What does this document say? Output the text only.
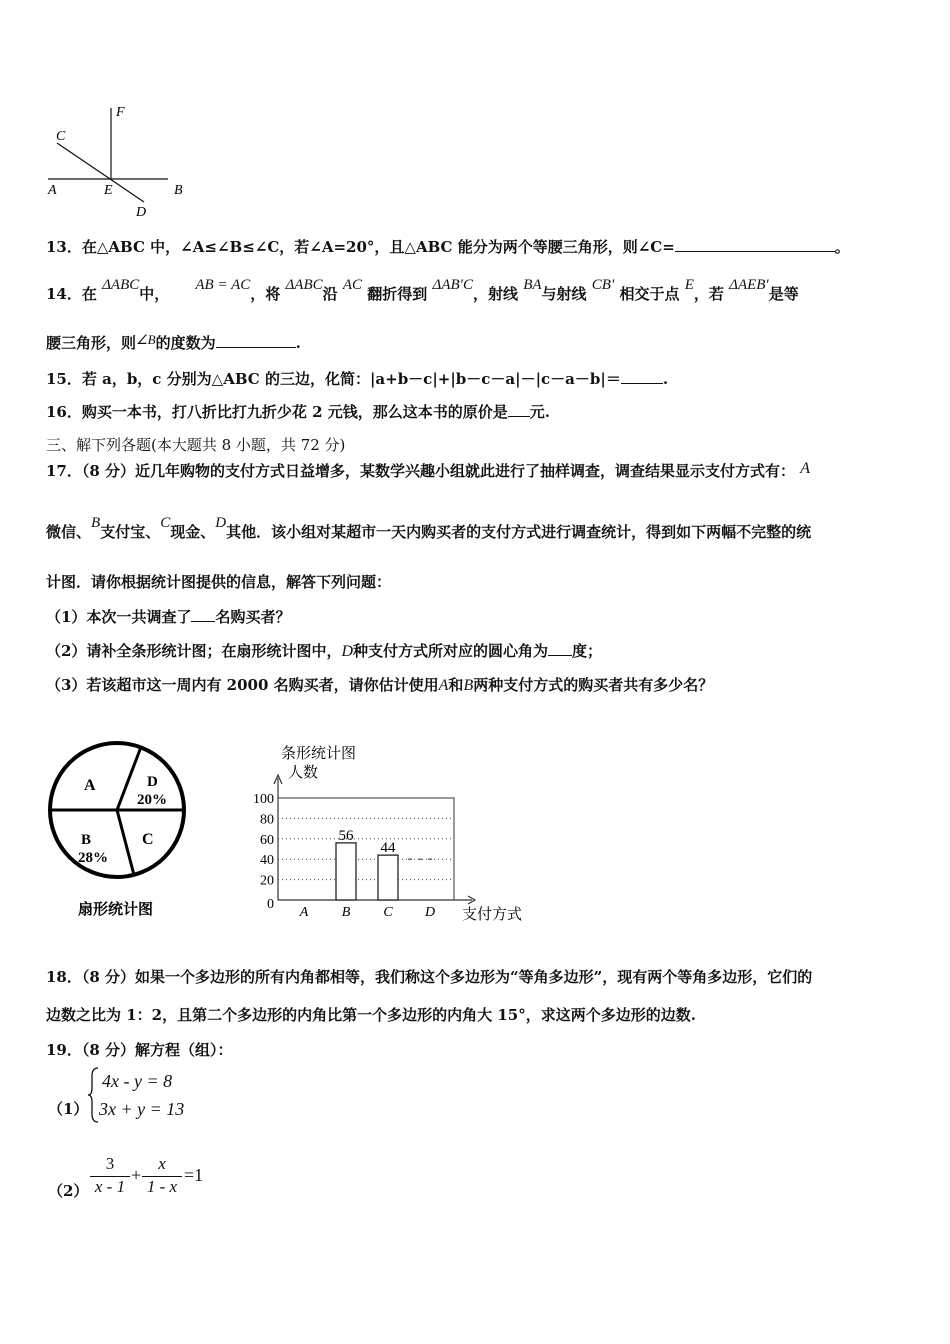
F
C
A	E	B
D
13．在△ABC 中，∠A≤∠B≤∠C，若∠A=20°，且△ABC 能分为两个等腰三角形，则∠C=	。
14．在 ΔABC中， AB = AC，将 ΔABC沿 AC 翻折得到 ΔAB′C，射线 BA与射线 CB′ 相交于点 E，若 ΔAEB′是等
腰三角形，则∠B的度数为	.
15．若 a，b，c 分别为△ABC 的三边，化简：|a+b－c|+|b－c－a|－|c－a－b|＝	.
16．购买一本书，打八折比打九折少花 2 元钱，那么这本书的原价是 元.
三、解下列各题(本大题共 8 小题，共 72 分)
17．（8 分）近几年购物的支付方式日益增多，某数学兴趣小组就此进行了抽样调查，调查结果显示支付方式有： A
微信、B支付宝、C现金、D其他．该小组对某超市一天内购买者的支付方式进行调查统计，得到如下两幅不完整的统
计图．请你根据统计图提供的信息，解答下列问题：
（1）本次一共调查了 名购买者？
（2）请补全条形统计图；在扇形统计图中，D种支付方式所对应的圆心角为 度；
（3）若该超市这一周内有 2000 名购买者，请你估计使用A和B两种支付方式的购买者共有多少名？
A	D
20%
B
28%
C
扇形统计图
条形统计图
人数
支付方式
0
20
40
60
80
100
56
44
A B C D
18．（8 分）如果一个多边形的所有内角都相等，我们称这个多边形为“等角多边形”，现有两个等角多边形，它们的
边数之比为 1：2，且第二个多边形的内角比第一个多边形的内角大 15°，求这两个多边形的边数.
19．（8 分）解方程（组）：
（1）
4x - y = 8
3x + y = 13
$(2) \frac{3}{x - 1} + \frac{x}{1 - x} =1$
